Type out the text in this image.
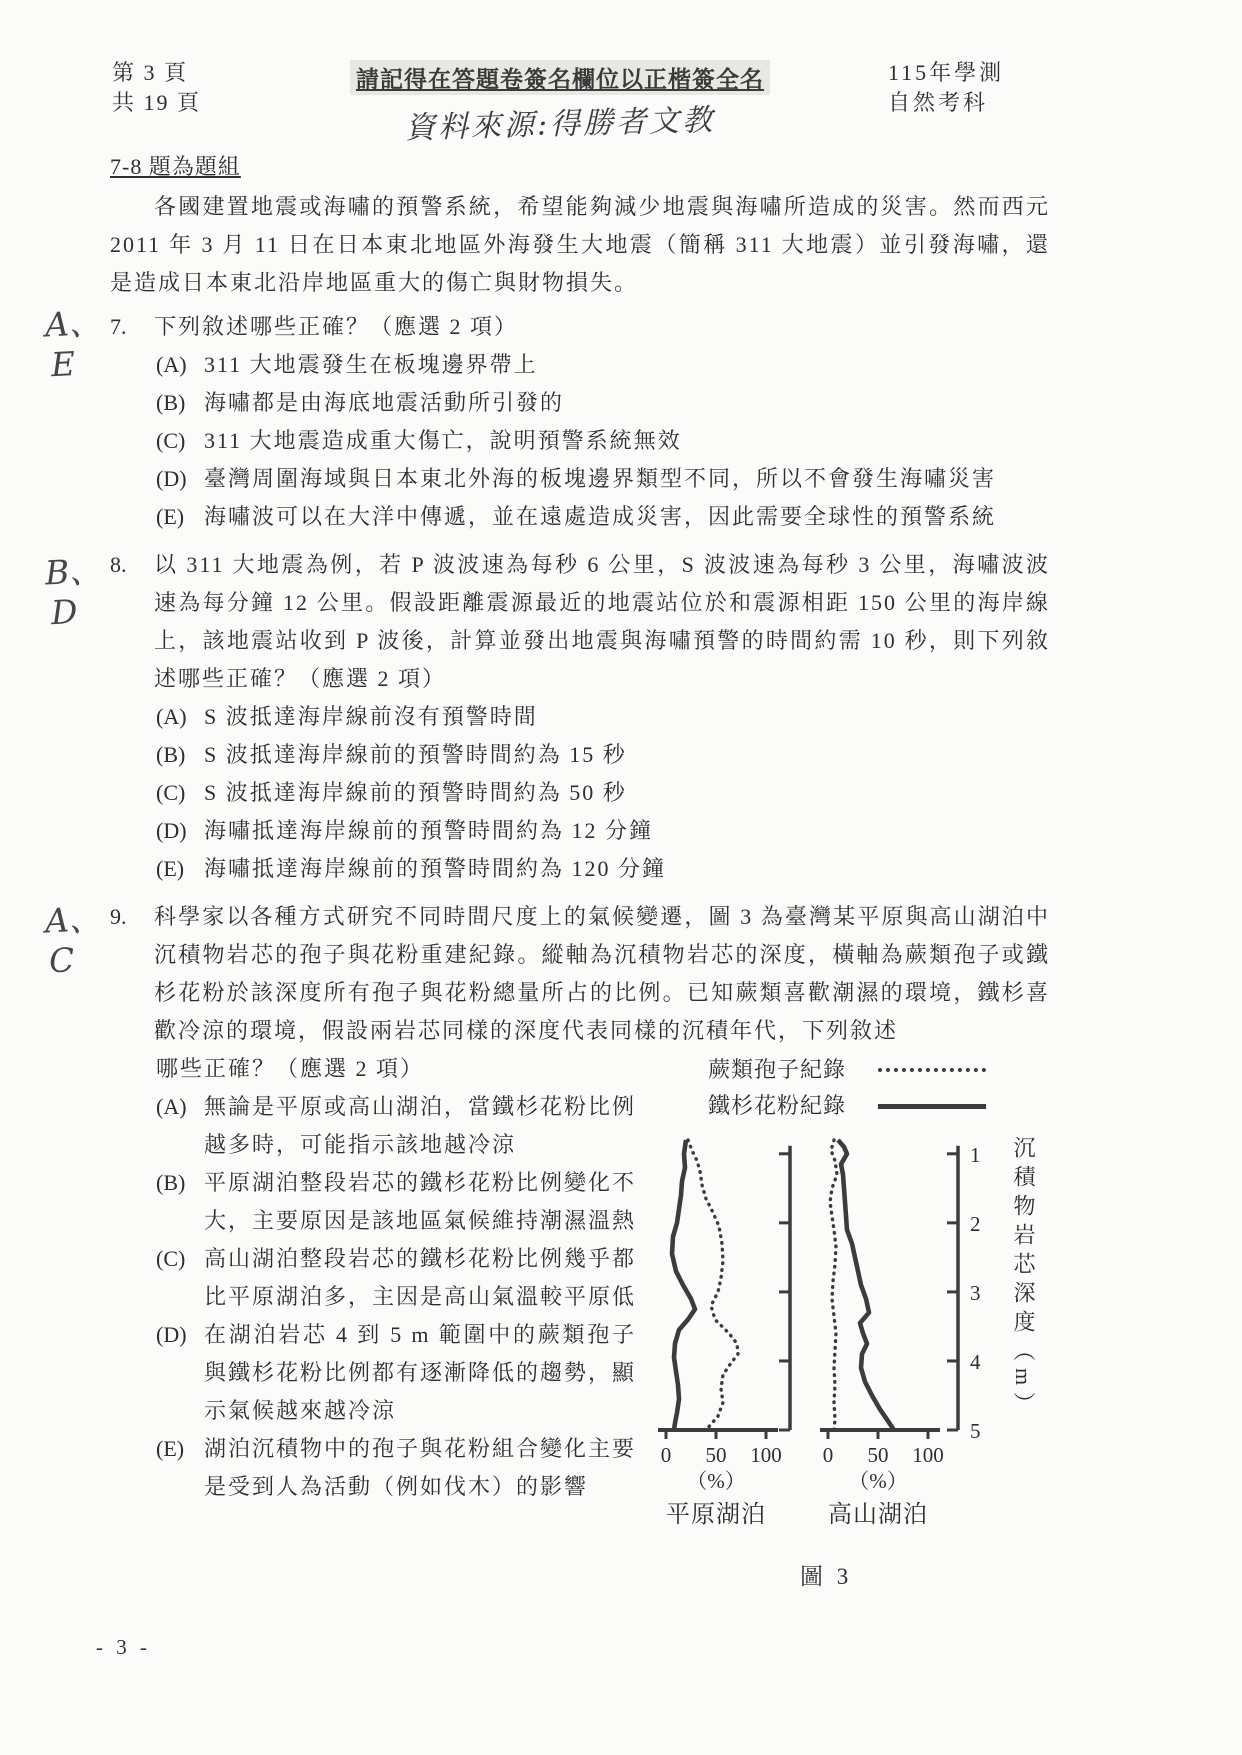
第 3 頁
共 19 頁
請記得在答題卷簽名欄位以正楷簽全名
資料來源:得勝者文教
115年學測
自然考科
7-8 題為題組

各國建置地震或海嘯的預警系統，希望能夠減少地震與海嘯所造成的災害。然而西元 2011 年 3 月 11 日在日本東北地區外海發生大地震（簡稱 311 大地震）並引發海嘯，還是造成日本東北沿岸地區重大的傷亡與財物損失。

A、
E
7.	下列敘述哪些正確？（應選 2 項）
(A) 311 大地震發生在板塊邊界帶上
(B) 海嘯都是由海底地震活動所引發的
(C) 311 大地震造成重大傷亡，說明預警系統無效
(D) 臺灣周圍海域與日本東北外海的板塊邊界類型不同，所以不會發生海嘯災害
(E) 海嘯波可以在大洋中傳遞，並在遠處造成災害，因此需要全球性的預警系統
B、
D
8.	以 311 大地震為例，若 P 波波速為每秒 6 公里，S 波波速為每秒 3 公里，海嘯波波速為每分鐘 12 公里。假設距離震源最近的地震站位於和震源相距 150 公里的海岸線上，該地震站收到 P 波後，計算並發出地震與海嘯預警的時間約需 10 秒，則下列敘述哪些正確？（應選 2 項）
(A) S 波抵達海岸線前沒有預警時間
(B) S 波抵達海岸線前的預警時間約為 15 秒
(C) S 波抵達海岸線前的預警時間約為 50 秒
(D) 海嘯抵達海岸線前的預警時間約為 12 分鐘
(E) 海嘯抵達海岸線前的預警時間約為 120 分鐘
A、
C
9.	科學家以各種方式研究不同時間尺度上的氣候變遷，圖 3 為臺灣某平原與高山湖泊中沉積物岩芯的孢子與花粉重建紀錄。縱軸為沉積物岩芯的深度，橫軸為蕨類孢子或鐵杉花粉於該深度所有孢子與花粉總量所占的比例。已知蕨類喜歡潮濕的環境，鐵杉喜歡冷涼的環境，假設兩岩芯同樣的深度代表同樣的沉積年代，下列敘述
哪些正確？（應選 2 項）
(A) 無論是平原或高山湖泊，當鐵杉花粉比例越多時，可能指示該地越冷涼
(B) 平原湖泊整段岩芯的鐵杉花粉比例變化不大，主要原因是該地區氣候維持潮濕溫熱
(C) 高山湖泊整段岩芯的鐵杉花粉比例幾乎都比平原湖泊多，主因是高山氣溫較平原低
(D) 在湖泊岩芯 4 到 5 m 範圍中的蕨類孢子與鐵杉花粉比例都有逐漸降低的趨勢，顯示氣候越來越冷涼
(E) 湖泊沉積物中的孢子與花粉組合變化主要是受到人為活動（例如伐木）的影響
蕨類孢子紀錄
鐵杉花粉紀錄
0 50 100
（%）
平原湖泊
0 50 100
（%）
高山湖泊
1
2
3
4
5
沉積物岩芯深度（m）
圖 3
- 3 -
